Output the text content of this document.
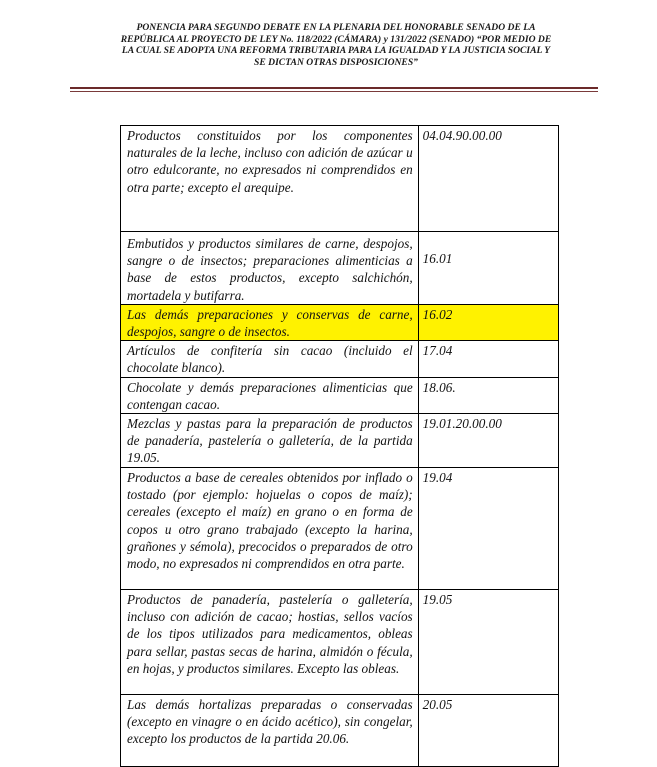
PONENCIA PARA SEGUNDO DEBATE EN LA PLENARIA DEL HONORABLE SENADO DE LA
REPÚBLICA AL PROYECTO DE LEY No. 118/2022 (CÁMARA) y 131/2022 (SENADO) “POR MEDIO DE
LA CUAL SE ADOPTA UNA REFORMA TRIBUTARIA PARA LA IGUALDAD Y LA JUSTICIA SOCIAL Y
SE DICTAN OTRAS DISPOSICIONES”
Productos constituidos por los componentes naturales de la leche, incluso con adición de azúcar u otro edulcorante, no expresados ni comprendidos en otra parte; excepto el arequipe.	04.04.90.00.00
Embutidos y productos similares de carne, despojos, sangre o de insectos; preparaciones alimenticias a base de estos productos, excepto salchichón, mortadela y butifarra.	16.01
Las demás preparaciones y conservas de carne, despojos, sangre o de insectos.	16.02
Artículos de confitería sin cacao (incluido el chocolate blanco).	17.04
Chocolate y demás preparaciones alimenticias que contengan cacao.	18.06.
Mezclas y pastas para la preparación de productos de panadería, pastelería o galletería, de la partida 19.05.	19.01.20.00.00
Productos a base de cereales obtenidos por inflado o tostado (por ejemplo: hojuelas o copos de maíz); cereales (excepto el maíz) en grano o en forma de copos u otro grano trabajado (excepto la harina, grañones y sémola), precocidos o preparados de otro modo, no expresados ni comprendidos en otra parte.	19.04
Productos de panadería, pastelería o galletería, incluso con adición de cacao; hostias, sellos vacíos de los tipos utilizados para medicamentos, obleas para sellar, pastas secas de harina, almidón o fécula, en hojas, y productos similares. Excepto las obleas.	19.05
Las demás hortalizas preparadas o conservadas (excepto en vinagre o en ácido acético), sin congelar, excepto los productos de la partida 20.06.	20.05
